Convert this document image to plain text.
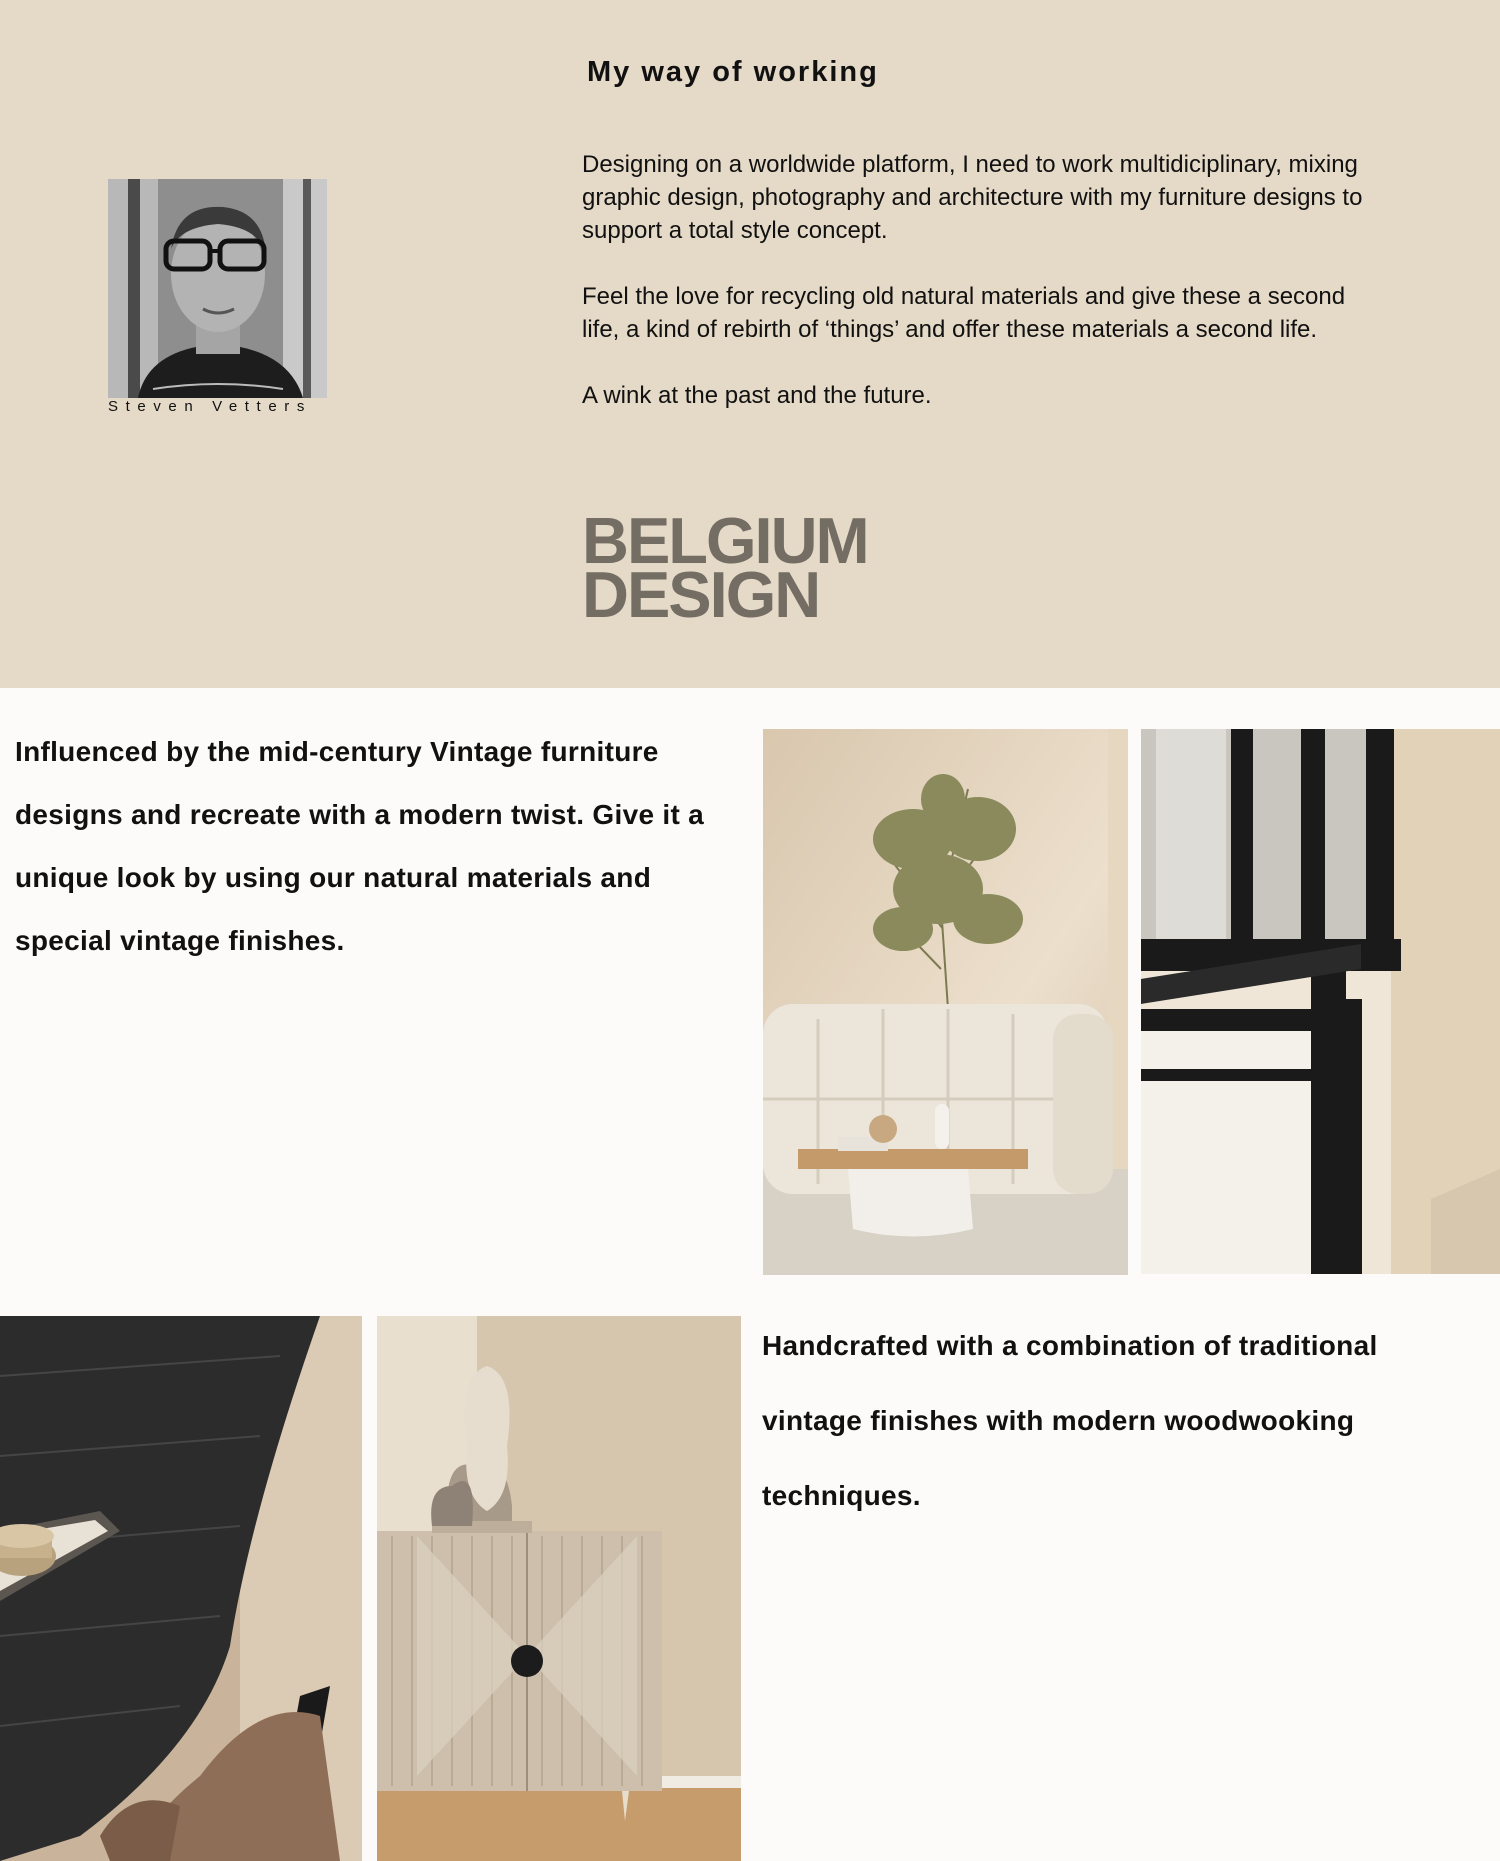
My way of working
Steven Vetters

Designing on a worldwide platform, I need to work multidiciplinary, mixing graphic design, photography and architecture with my furniture designs to support a total style concept.

Feel the love for recycling old natural materials and give these a second life, a kind of rebirth of ‘things’ and offer these materials a second life.

A wink at the past and the future.

BELGIUM
DESIGN

Influenced by the mid-century Vintage furniture designs and recreate with a modern twist. Give it a unique look by using our natural materials and special vintage finishes.

Handcrafted with a combination of traditional vintage finishes with modern woodwooking techniques.
